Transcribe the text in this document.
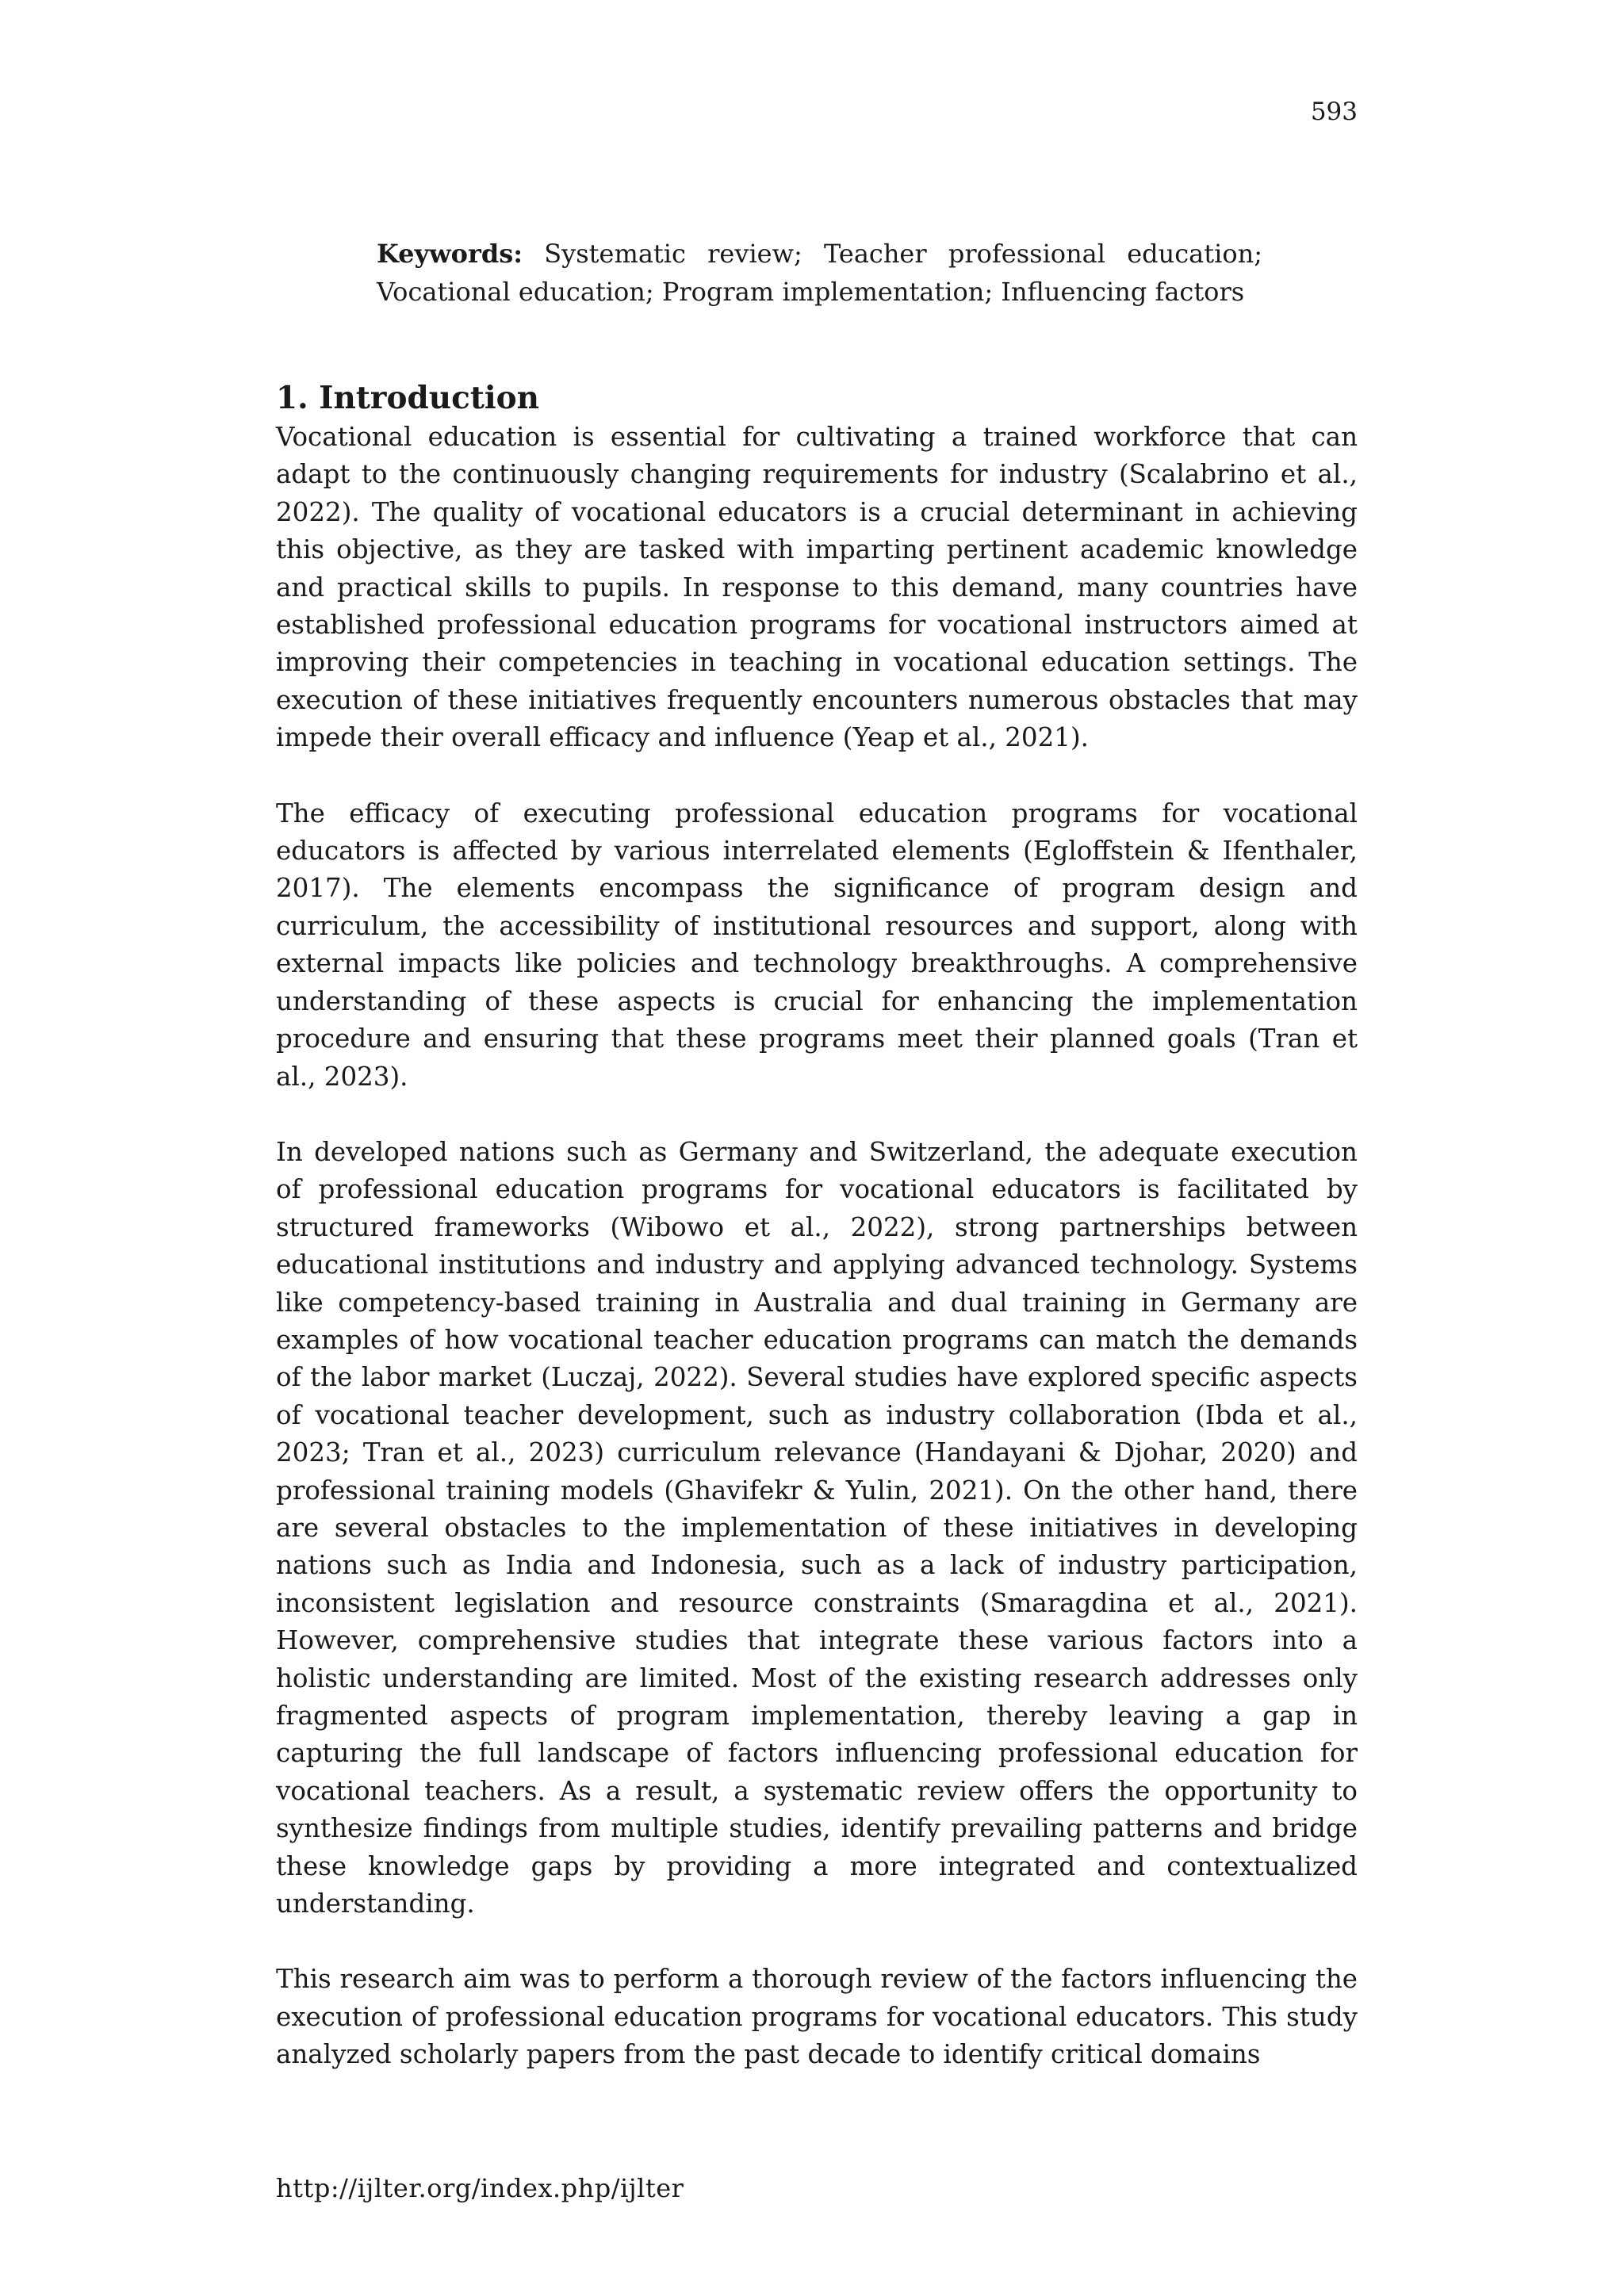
593
Keywords: Systematic review; Teacher professional education; Vocational education; Program implementation; Influencing factors
1. Introduction

Vocational education is essential for cultivating a trained workforce that can adapt to the continuously changing requirements for industry (Scalabrino et al., 2022). The quality of vocational educators is a crucial determinant in achieving this objective, as they are tasked with imparting pertinent academic knowledge and practical skills to pupils. In response to this demand, many countries have established professional education programs for vocational instructors aimed at improving their competencies in teaching in vocational education settings. The execution of these initiatives frequently encounters numerous obstacles that may impede their overall efficacy and influence (Yeap et al., 2021).

The efficacy of executing professional education programs for vocational educators is affected by various interrelated elements (Egloffstein & Ifenthaler, 2017). The elements encompass the significance of program design and curriculum, the accessibility of institutional resources and support, along with external impacts like policies and technology breakthroughs. A comprehensive understanding of these aspects is crucial for enhancing the implementation procedure and ensuring that these programs meet their planned goals (Tran et al., 2023).

In developed nations such as Germany and Switzerland, the adequate execution of professional education programs for vocational educators is facilitated by structured frameworks (Wibowo et al., 2022), strong partnerships between educational institutions and industry and applying advanced technology. Systems like competency-based training in Australia and dual training in Germany are examples of how vocational teacher education programs can match the demands of the labor market (Luczaj, 2022). Several studies have explored specific aspects of vocational teacher development, such as industry collaboration (Ibda et al., 2023; Tran et al., 2023) curriculum relevance (Handayani & Djohar, 2020) and professional training models (Ghavifekr & Yulin, 2021). On the other hand, there are several obstacles to the implementation of these initiatives in developing nations such as India and Indonesia, such as a lack of industry participation, inconsistent legislation and resource constraints (Smaragdina et al., 2021). However, comprehensive studies that integrate these various factors into a holistic understanding are limited. Most of the existing research addresses only fragmented aspects of program implementation, thereby leaving a gap in capturing the full landscape of factors influencing professional education for vocational teachers. As a result, a systematic review offers the opportunity to synthesize findings from multiple studies, identify prevailing patterns and bridge these knowledge gaps by providing a more integrated and contextualized understanding.

This research aim was to perform a thorough review of the factors influencing the execution of professional education programs for vocational educators. This study analyzed scholarly papers from the past decade to identify critical domains

http://ijlter.org/index.php/ijlter
